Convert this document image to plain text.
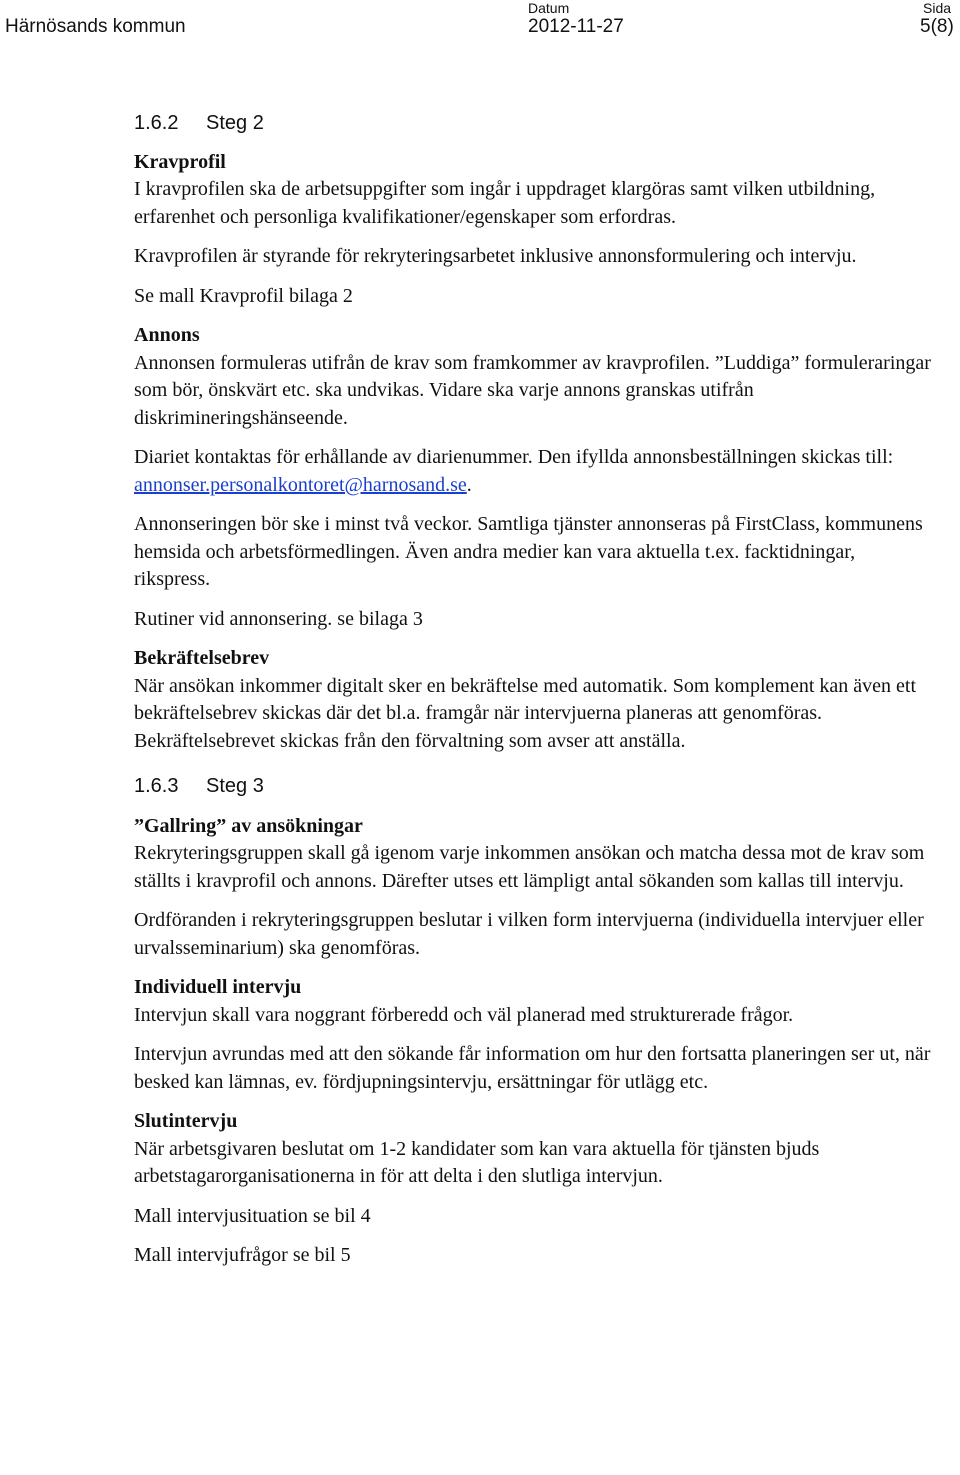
Härnösands kommun
Datum
2012-11-27
Sida
5(8)
1.6.2 Steg 2

Kravprofil

I kravprofilen ska de arbetsuppgifter som ingår i uppdraget klargöras samt vilken utbildning, erfarenhet och personliga kvalifikationer/egenskaper som erfordras.

Kravprofilen är styrande för rekryteringsarbetet inklusive annonsformulering och intervju.

Se mall Kravprofil bilaga 2

Annons

Annonsen formuleras utifrån de krav som framkommer av kravprofilen. ”Luddiga” formuleraringar som bör, önskvärt etc. ska undvikas. Vidare ska varje annons granskas utifrån diskrimineringshänseende.

Diariet kontaktas för erhållande av diarienummer. Den ifyllda annonsbeställningen skickas till: annonser.personalkontoret@harnosand.se.

Annonseringen bör ske i minst två veckor. Samtliga tjänster annonseras på FirstClass, kommunens hemsida och arbetsförmedlingen. Även andra medier kan vara aktuella t.ex. facktidningar, rikspress.

Rutiner vid annonsering. se bilaga 3

Bekräftelsebrev

När ansökan inkommer digitalt sker en bekräftelse med automatik. Som komplement kan även ett bekräftelsebrev skickas där det bl.a. framgår när intervjuerna planeras att genomföras. Bekräftelsebrevet skickas från den förvaltning som avser att anställa.

1.6.3 Steg 3

”Gallring” av ansökningar

Rekryteringsgruppen skall gå igenom varje inkommen ansökan och matcha dessa mot de krav som ställts i kravprofil och annons. Därefter utses ett lämpligt antal sökanden som kallas till intervju.

Ordföranden i rekryteringsgruppen beslutar i vilken form intervjuerna (individuella intervjuer eller urvalsseminarium) ska genomföras.

Individuell intervju

Intervjun skall vara noggrant förberedd och väl planerad med strukturerade frågor.

Intervjun avrundas med att den sökande får information om hur den fortsatta planeringen ser ut, när besked kan lämnas, ev. fördjupningsintervju, ersättningar för utlägg etc.

Slutintervju

När arbetsgivaren beslutat om 1-2 kandidater som kan vara aktuella för tjänsten bjuds arbetstagarorganisationerna in för att delta i den slutliga intervjun.

Mall intervjusituation se bil 4

Mall intervjufrågor se bil 5
